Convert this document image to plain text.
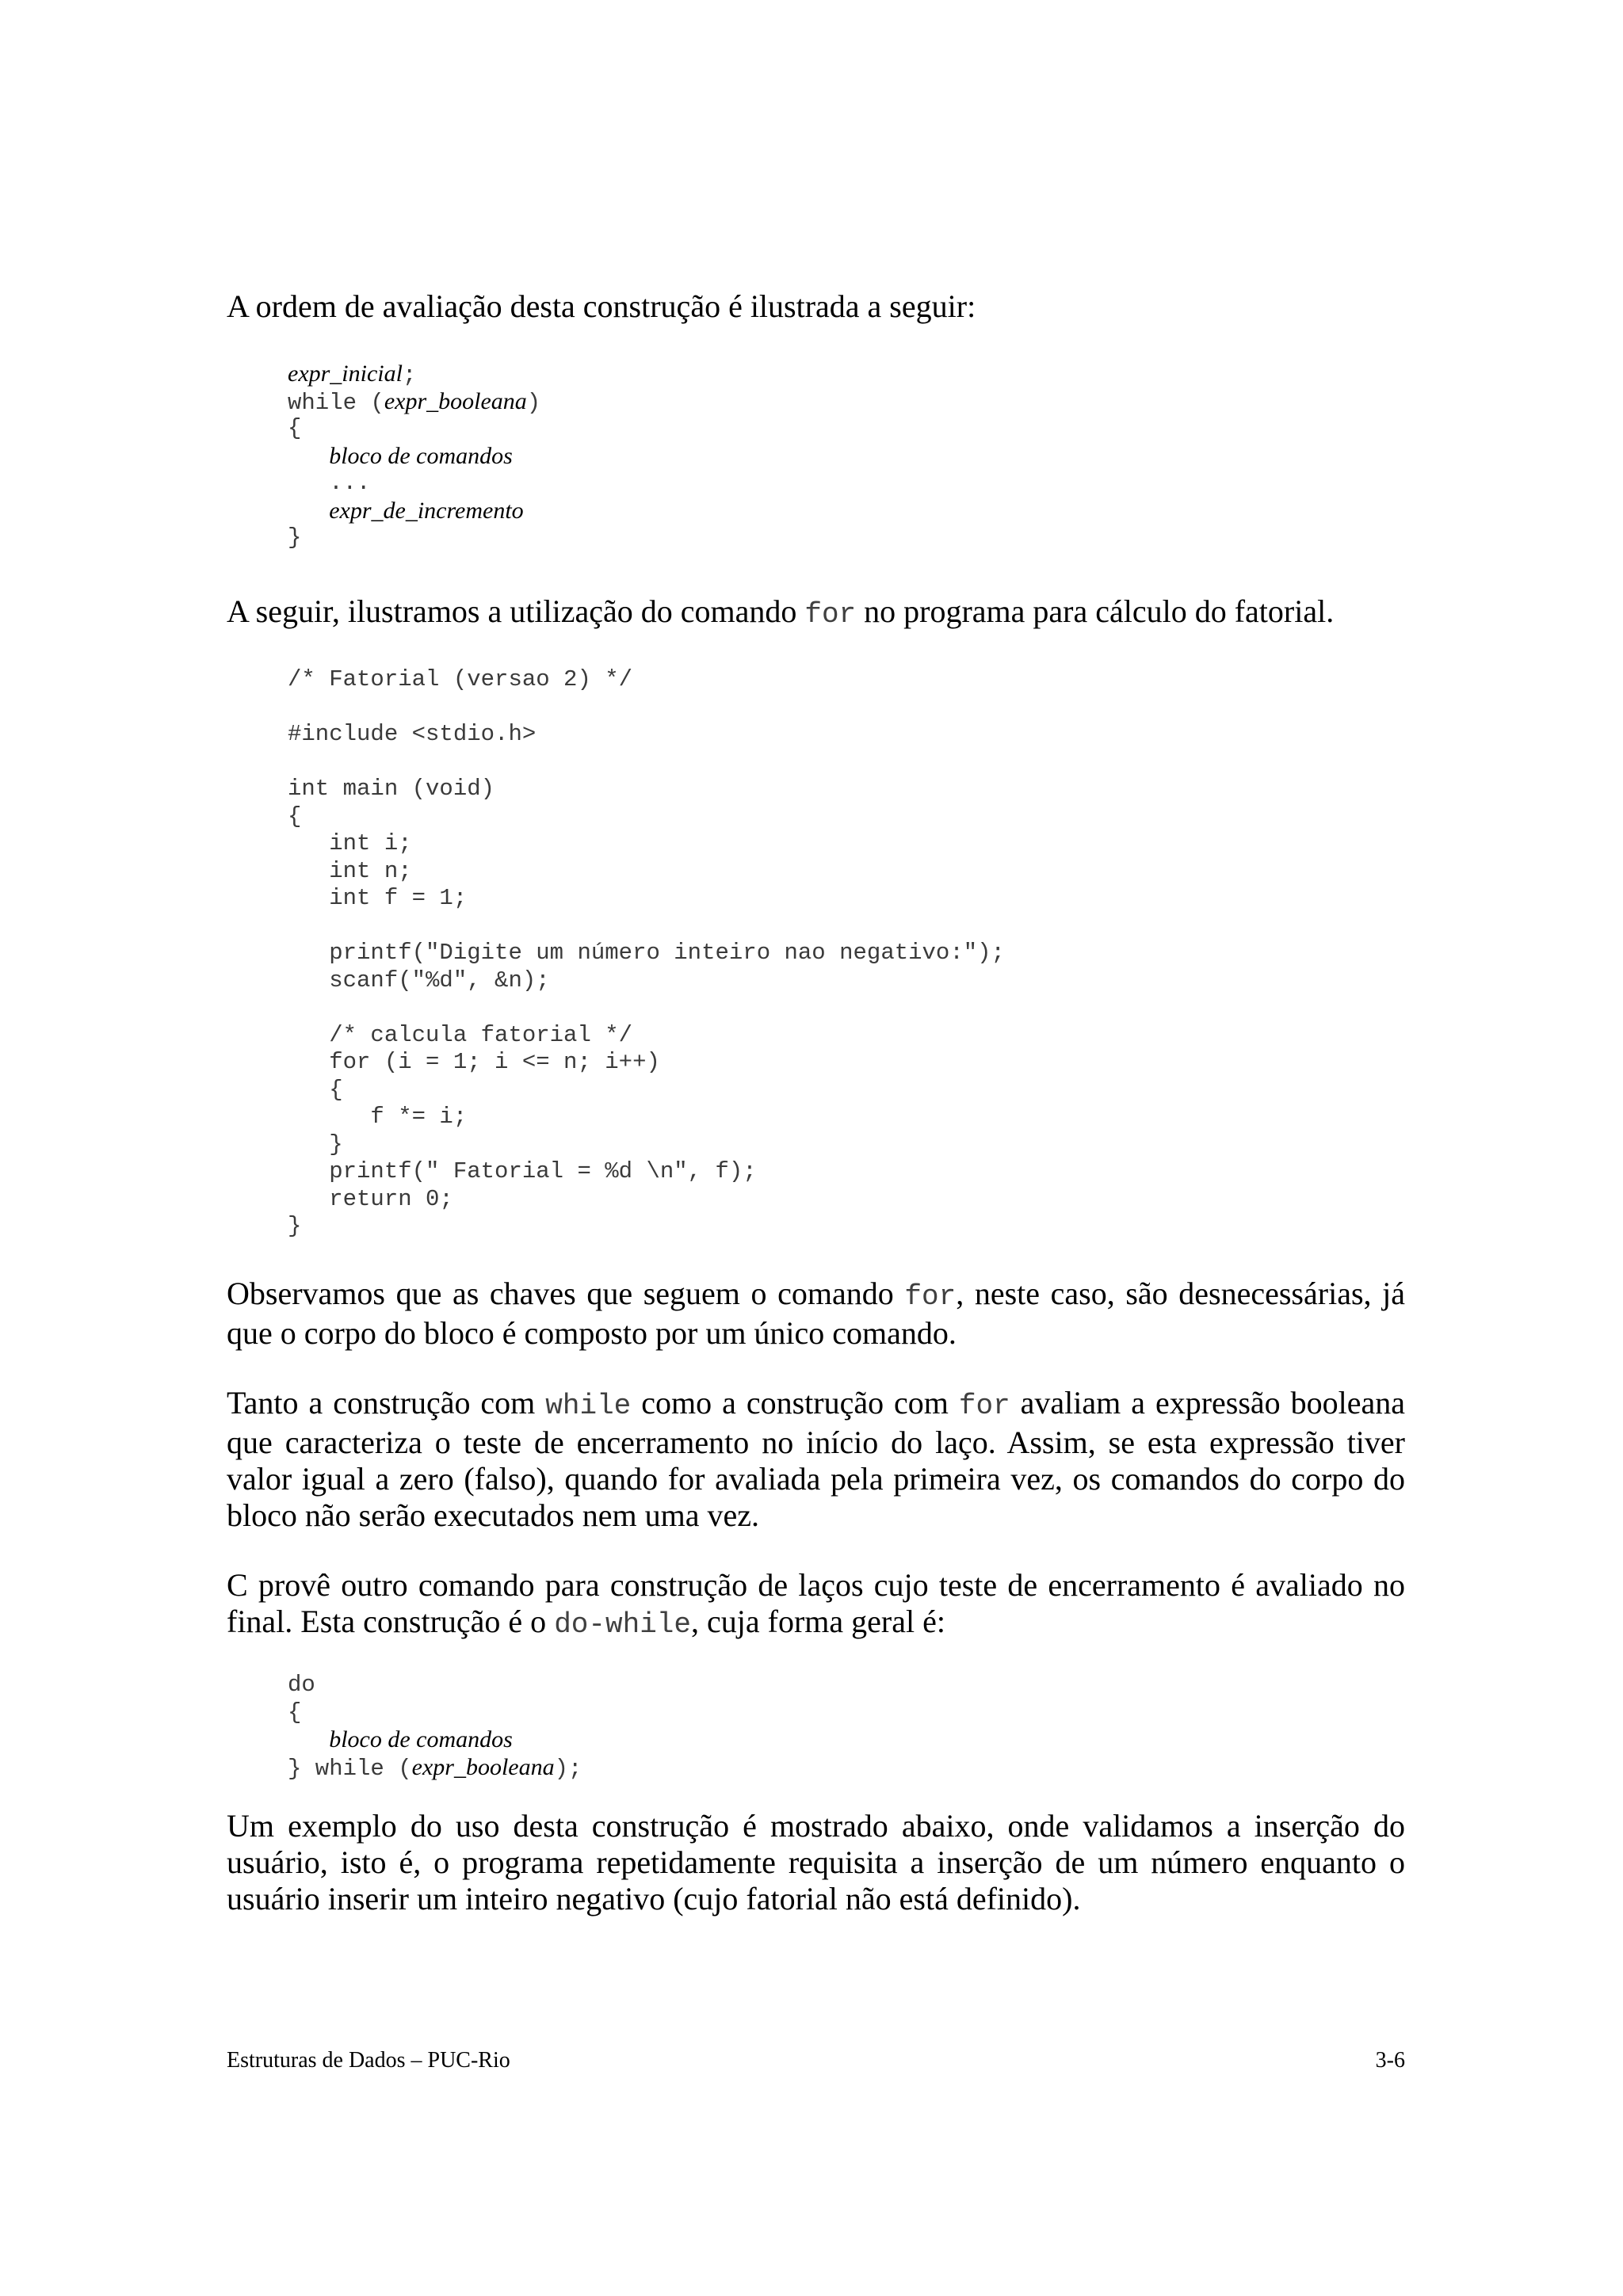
A ordem de avaliação desta construção é ilustrada a seguir:

expr_inicial;
while (expr_booleana)
{
bloco de comandos
...
expr_de_incremento
}

A seguir, ilustramos a utilização do comando for no programa para cálculo do fatorial.

/* Fatorial (versao 2) */
#include <stdio.h>
int main (void)
{
int i;
int n;
int f = 1;
printf("Digite um número inteiro nao negativo:");
scanf("%d", &n);
/* calcula fatorial */
for (i = 1; i <= n; i++)
{
f *= i;
}
printf(" Fatorial = %d \n", f);
return 0;
}

Observamos que as chaves que seguem o comando for, neste caso, são desnecessárias, já que o corpo do bloco é composto por um único comando.

Tanto a construção com while como a construção com for avaliam a expressão booleana que caracteriza o teste de encerramento no início do laço. Assim, se esta expressão tiver valor igual a zero (falso), quando for avaliada pela primeira vez, os comandos do corpo do bloco não serão executados nem uma vez.

C provê outro comando para construção de laços cujo teste de encerramento é avaliado no final. Esta construção é o do-while, cuja forma geral é:

do
{
bloco de comandos
} while (expr_booleana);

Um exemplo do uso desta construção é mostrado abaixo, onde validamos a inserção do usuário, isto é, o programa repetidamente requisita a inserção de um número enquanto o usuário inserir um inteiro negativo (cujo fatorial não está definido).

Estruturas de Dados – PUC-Rio	3-6
